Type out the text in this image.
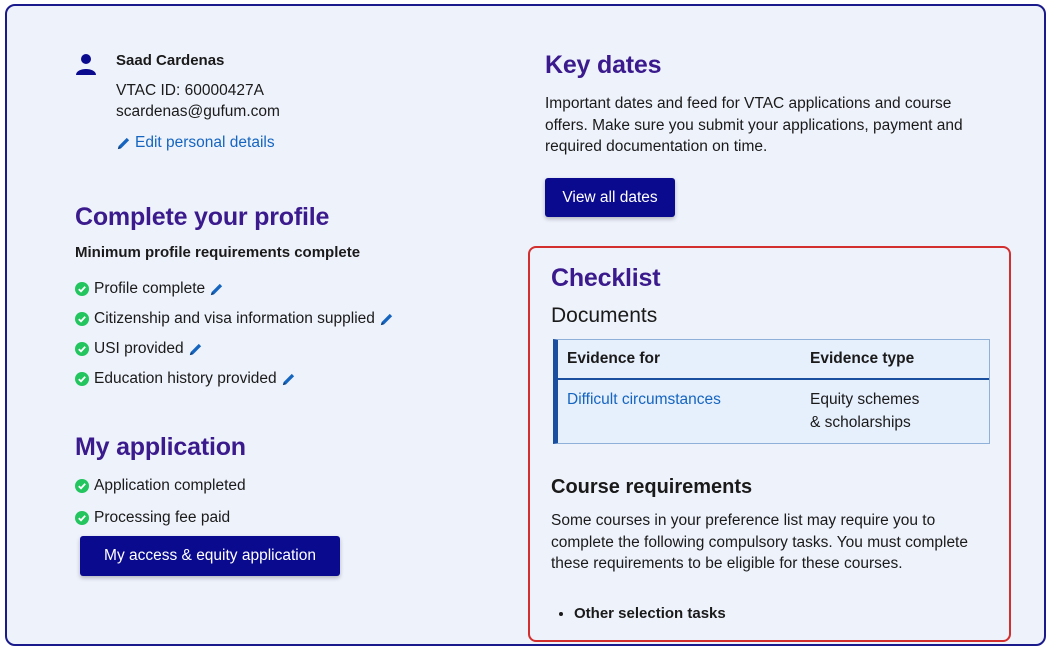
Saad Cardenas
VTAC ID: 60000427A
scardenas@gufum.com
Edit personal details
Complete your profile
Minimum profile requirements complete
Profile complete
Citizenship and visa information supplied
USI provided
Education history provided
My application
Application completed
Processing fee paid
My access & equity application
Key dates
Important dates and feed for VTAC applications and course offers. Make sure you submit your applications, payment and required documentation on time.
View all dates
Checklist
Documents
Evidence for	Evidence type
Difficult circumstances	Equity schemes
& scholarships
Course requirements
Some courses in your preference list may require you to complete the following compulsory tasks. You must complete these requirements to be eligible for these courses.
• Other selection tasks
